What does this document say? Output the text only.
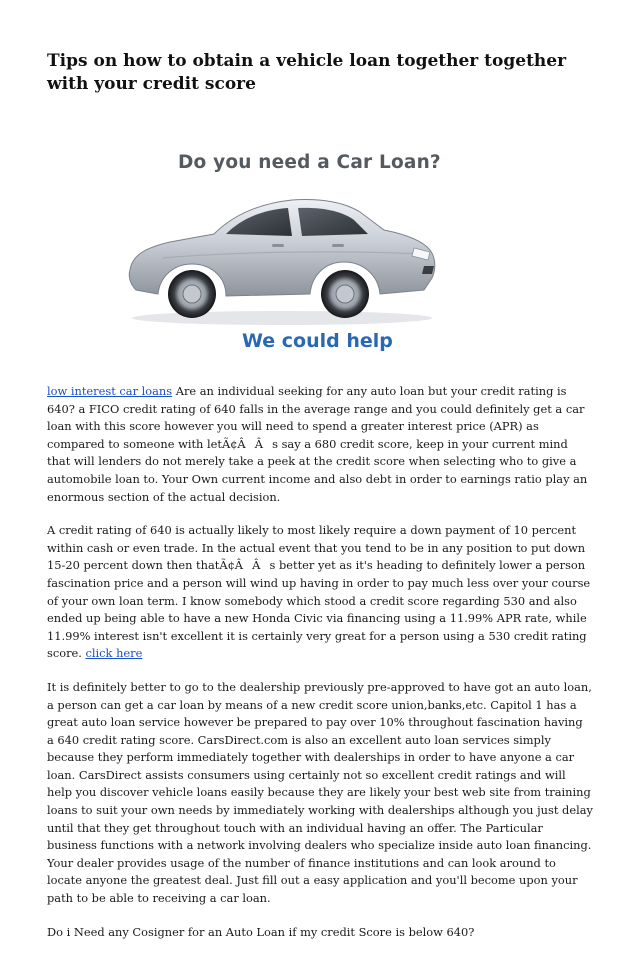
Tips on how to obtain a vehicle loan together together with your credit score
Do you need a Car Loan?
We could help

low interest car loans Are an individual seeking for any auto loan but your credit rating is 640? a FICO credit rating of 640 falls in the average range and you could definitely get a car loan with this score however you will need to spend a greater interest price (APR) as compared to someone with letÃ¢ÂÂs say a 680 credit score, keep in your current mind that will lenders do not merely take a peek at the credit score when selecting who to give a automobile loan to. Your Own current income and also debt in order to earnings ratio play an enormous section of the actual decision.

A credit rating of 640 is actually likely to most likely require a down payment of 10 percent within cash or even trade. In the actual event that you tend to be in any position to put down 15-20 percent down then thatÃ¢ÂÂs better yet as it's heading to definitely lower a person fascination price and a person will wind up having in order to pay much less over your course of your own loan term. I know somebody which stood a credit score regarding 530 and also ended up being able to have a new Honda Civic via financing using a 11.99% APR rate, while 11.99% interest isn't excellent it is certainly very great for a person using a 530 credit rating score. click here

It is definitely better to go to the dealership previously pre-approved to have got an auto loan, a person can get a car loan by means of a new credit score union,banks,etc. Capitol 1 has a great auto loan service however be prepared to pay over 10% throughout fascination having a 640 credit rating score. CarsDirect.com is also an excellent auto loan services simply because they perform immediately together with dealerships in order to have anyone a car loan. CarsDirect assists consumers using certainly not so excellent credit ratings and will help you discover vehicle loans easily because they are likely your best web site from training loans to suit your own needs by immediately working with dealerships although you just delay until that they get throughout touch with an individual having an offer. The Particular business functions with a network involving dealers who specialize inside auto loan financing. Your dealer provides usage of the number of finance institutions and can look around to locate anyone the greatest deal. Just fill out a easy application and you'll become upon your path to be able to receiving a car loan.

Do i Need any Cosigner for an Auto Loan if my credit Score is below 640?
